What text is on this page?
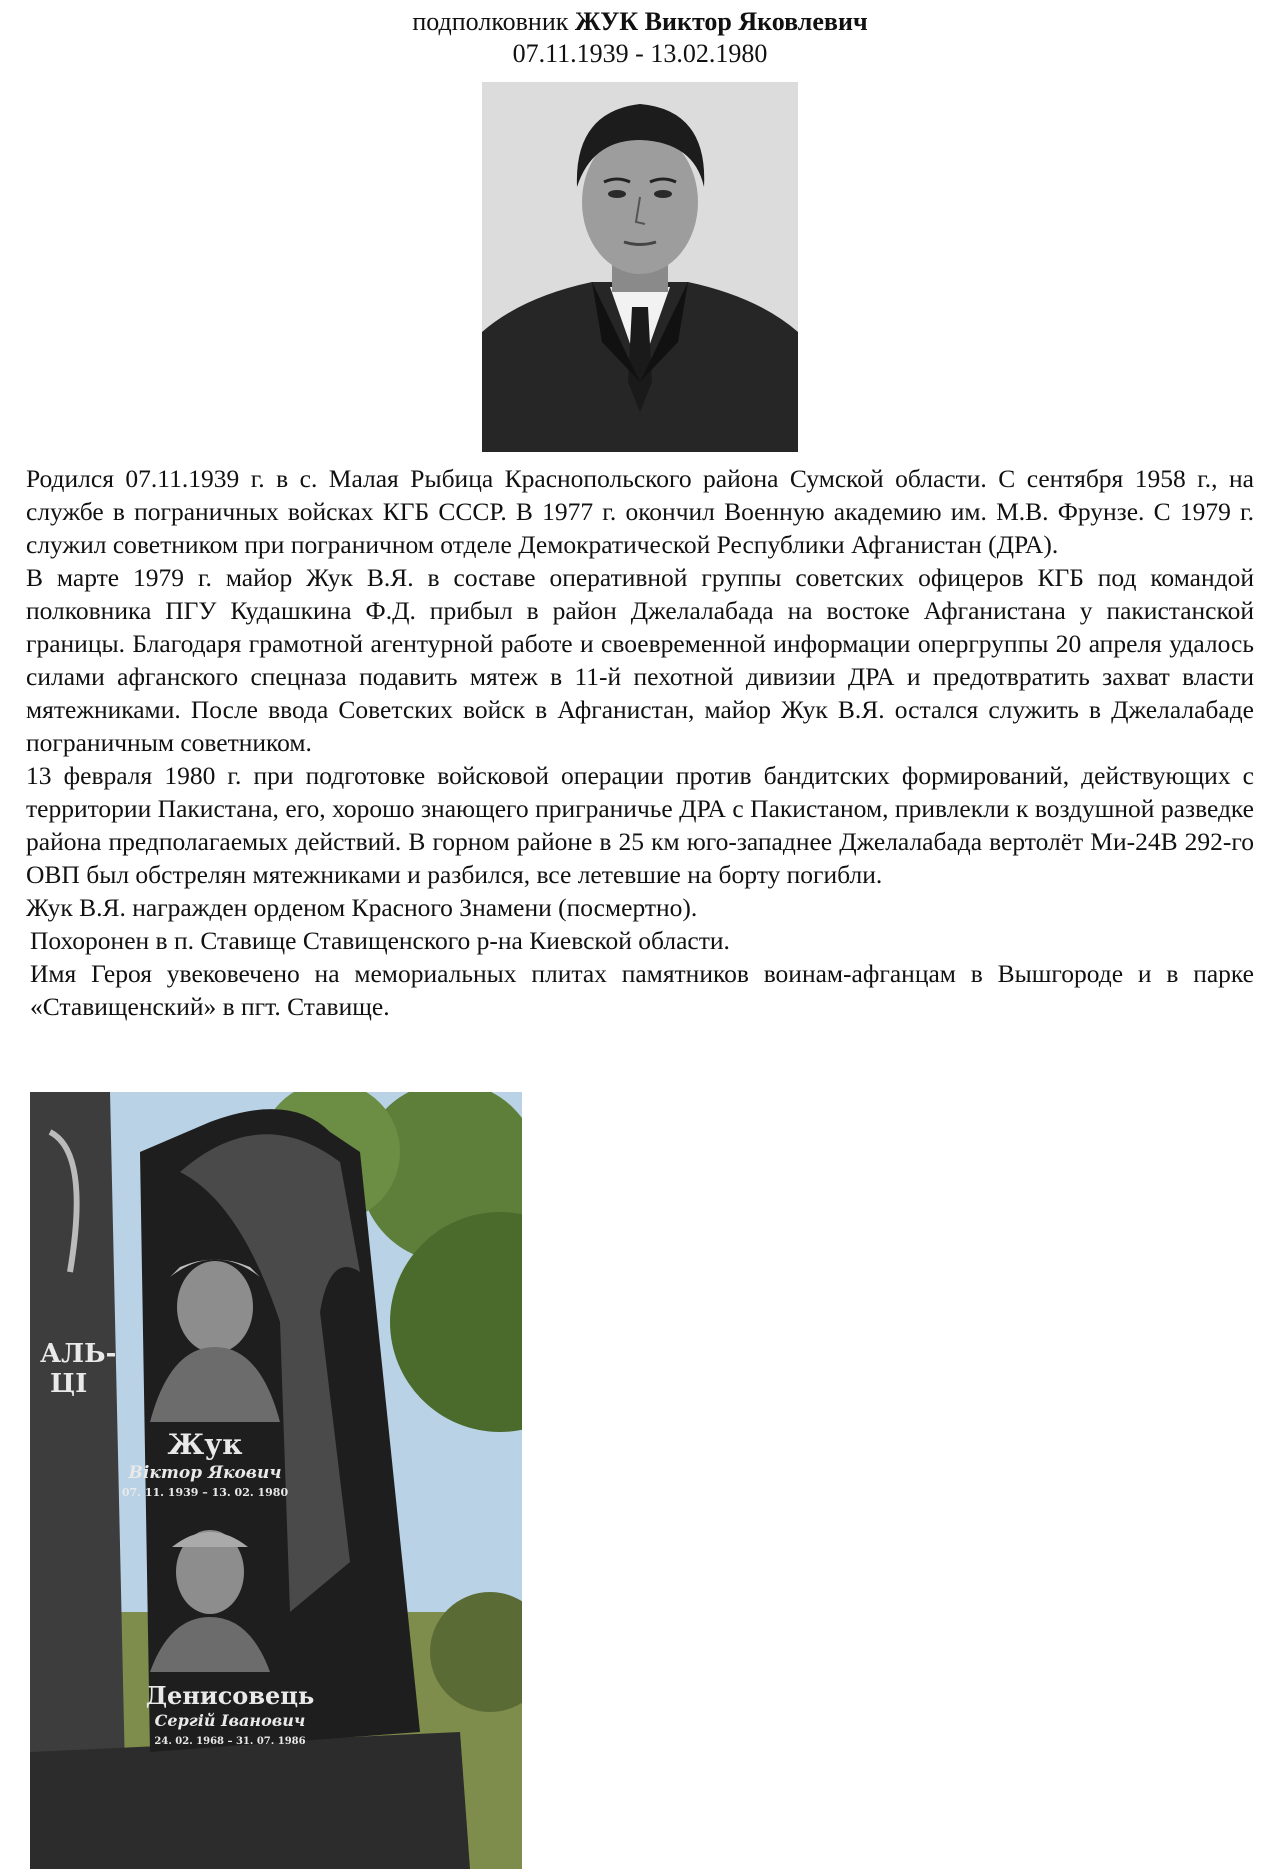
подполковник ЖУК Виктор Яковлевич
07.11.1939 - 13.02.1980

Родился 07.11.1939 г. в с. Малая Рыбица Краснопольского района Сумской области. С сентября 1958 г., на службе в пограничных войсках КГБ СССР. В 1977 г. окончил Военную академию им. М.В. Фрунзе. С 1979 г. служил советником при пограничном отделе Демократической Республики Афганистан (ДРА).

В марте 1979 г. майор Жук В.Я. в составе оперативной группы советских офицеров КГБ под командой полковника ПГУ Кудашкина Ф.Д. прибыл в район Джелалабада на востоке Афганистана у пакистанской границы. Благодаря грамотной агентурной работе и своевременной информации опергруппы 20 апреля удалось силами афганского спецназа подавить мятеж в 11-й пехотной дивизии ДРА и предотвратить захват власти мятежниками. После ввода Советских войск в Афганистан, майор Жук В.Я. остался служить в Джелалабаде пограничным советником.

13 февраля 1980 г. при подготовке войсковой операции против бандитских формирований, действующих с территории Пакистана, его, хорошо знающего приграничье ДРА с Пакистаном, привлекли к воздушной разведке района предполагаемых действий. В горном районе в 25 км юго-западнее Джелалабада вертолёт Ми-24В 292-го ОВП был обстрелян мятежниками и разбился, все летевшие на борту погибли.

Жук В.Я. награжден орденом Красного Знамени (посмертно).

Похоронен в п. Ставище Ставищенского р-на Киевской области.

Имя Героя увековечено на мемориальных плитах памятников воинам-афганцам в Вышгороде и в парке «Ставищенский» в пгт. Ставище.

АЛЬ-
ЦІ
Жук
Віктор Якович
07. 11. 1939 – 13. 02. 1980
Денисовець
Сергій Іванович
24. 02. 1968 – 31. 07. 1986
